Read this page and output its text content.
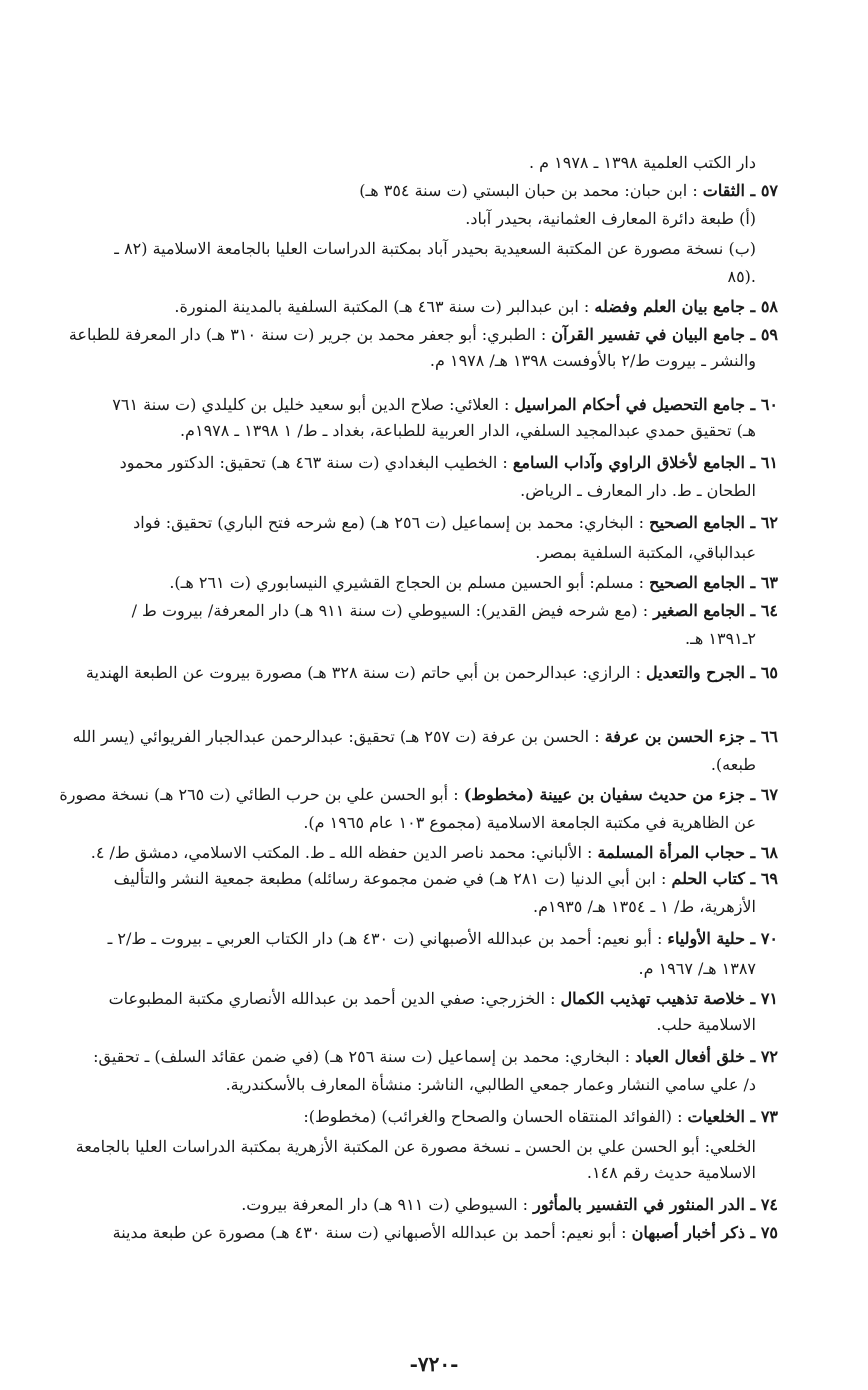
دار الكتب العلمية ١٣٩٨ ـ ١٩٧٨ م .
٥٧ ـ الثقات : ابن حبان: محمد بن حبان البستي (ت سنة ٣٥٤ هـ)
(أ) طبعة دائرة المعارف العثمانية، بحيدر آباد.
(ب) نسخة مصورة عن المكتبة السعيدية بحيدر آباد بمكتبة الدراسات العليا بالجامعة الاسلامية (٨٢ ـ
٨٥).
٥٨ ـ جامع بيان العلم وفضله : ابن عبدالبر (ت سنة ٤٦٣ هـ) المكتبة السلفية بالمدينة المنورة.
٥٩ ـ جامع البيان في تفسير القرآن : الطبري: أبو جعفر محمد بن جرير (ت سنة ٣١٠ هـ) دار المعرفة للطباعة
والنشر ـ بيروت ط/٢ بالأوفست ١٣٩٨ هـ/ ١٩٧٨ م.
٦٠ ـ جامع التحصيل في أحكام المراسيل : العلائي: صلاح الدين أبو سعيد خليل بن كليلدي (ت سنة ٧٦١
هـ) تحقيق حمدي عبدالمجيد السلفي، الدار العربية للطباعة، بغداد ـ ط/ ١ ١٣٩٨ ـ ١٩٧٨م.
٦١ ـ الجامع لأخلاق الراوي وآداب السامع : الخطيب البغدادي (ت سنة ٤٦٣ هـ) تحقيق: الدكتور محمود
الطحان ـ ط. دار المعارف ـ الرياض.
٦٢ ـ الجامع الصحيح : البخاري: محمد بن إسماعيل (ت ٢٥٦ هـ) (مع شرحه فتح الباري) تحقيق: فواد
عبدالباقي، المكتبة السلفية بمصر.
٦٣ ـ الجامع الصحيح : مسلم: أبو الحسين مسلم بن الحجاج القشيري النيسابوري (ت ٢٦١ هـ).
٦٤ ـ الجامع الصغير : (مع شرحه فيض القدير): السيوطي (ت سنة ٩١١ هـ) دار المعرفة/ بيروت ط /
٢ـ١٣٩١ هـ.
٦٥ ـ الجرح والتعديل : الرازي: عبدالرحمن بن أبي حاتم (ت سنة ٣٢٨ هـ) مصورة بيروت عن الطبعة الهندية
٦٦ ـ جزء الحسن بن عرفة : الحسن بن عرفة (ت ٢٥٧ هـ) تحقيق: عبدالرحمن عبدالجبار الفريوائي (يسر الله
طبعه).
٦٧ ـ جزء من حديث سفيان بن عيينة (مخطوط) : أبو الحسن علي بن حرب الطائي (ت ٢٦٥ هـ) نسخة مصورة
عن الظاهرية في مكتبة الجامعة الاسلامية (مجموع ١٠٣ عام ١٩٦٥ م).
٦٨ ـ حجاب المرأة المسلمة : الألباني: محمد ناصر الدين حفظه الله ـ ط. المكتب الاسلامي، دمشق ط/ ٤.
٦٩ ـ كتاب الحلم : ابن أبي الدنيا (ت ٢٨١ هـ) في ضمن مجموعة رسائله) مطبعة جمعية النشر والتأليف
الأزهرية، ط/ ١ ـ ١٣٥٤ هـ/ ١٩٣٥م.
٧٠ ـ حلية الأولياء : أبو نعيم: أحمد بن عبدالله الأصبهاني (ت ٤٣٠ هـ) دار الكتاب العربي ـ بيروت ـ ط/٢ ـ
١٣٨٧ هـ/ ١٩٦٧ م.
٧١ ـ خلاصة تذهيب تهذيب الكمال : الخزرجي: صفي الدين أحمد بن عبدالله الأنصاري مكتبة المطبوعات
الاسلامية حلب.
٧٢ ـ خلق أفعال العباد : البخاري: محمد بن إسماعيل (ت سنة ٢٥٦ هـ) (في ضمن عقائد السلف) ـ تحقيق:
د/ علي سامي النشار وعمار جمعي الطالبي، الناشر: منشأة المعارف بالأسكندرية.
٧٣ ـ الخلعيات : (الفوائد المنتقاه الحسان والصحاح والغرائب) (مخطوط):
الخلعي: أبو الحسن علي بن الحسن ـ نسخة مصورة عن المكتبة الأزهرية بمكتبة الدراسات العليا بالجامعة
الاسلامية حديث رقم ١٤٨.
٧٤ ـ الدر المنثور في التفسير بالمأثور : السيوطي (ت ٩١١ هـ) دار المعرفة بيروت.
٧٥ ـ ذكر أخبار أصبهان : أبو نعيم: أحمد بن عبدالله الأصبهاني (ت سنة ٤٣٠ هـ) مصورة عن طبعة مدينة
-٧٢٠-
